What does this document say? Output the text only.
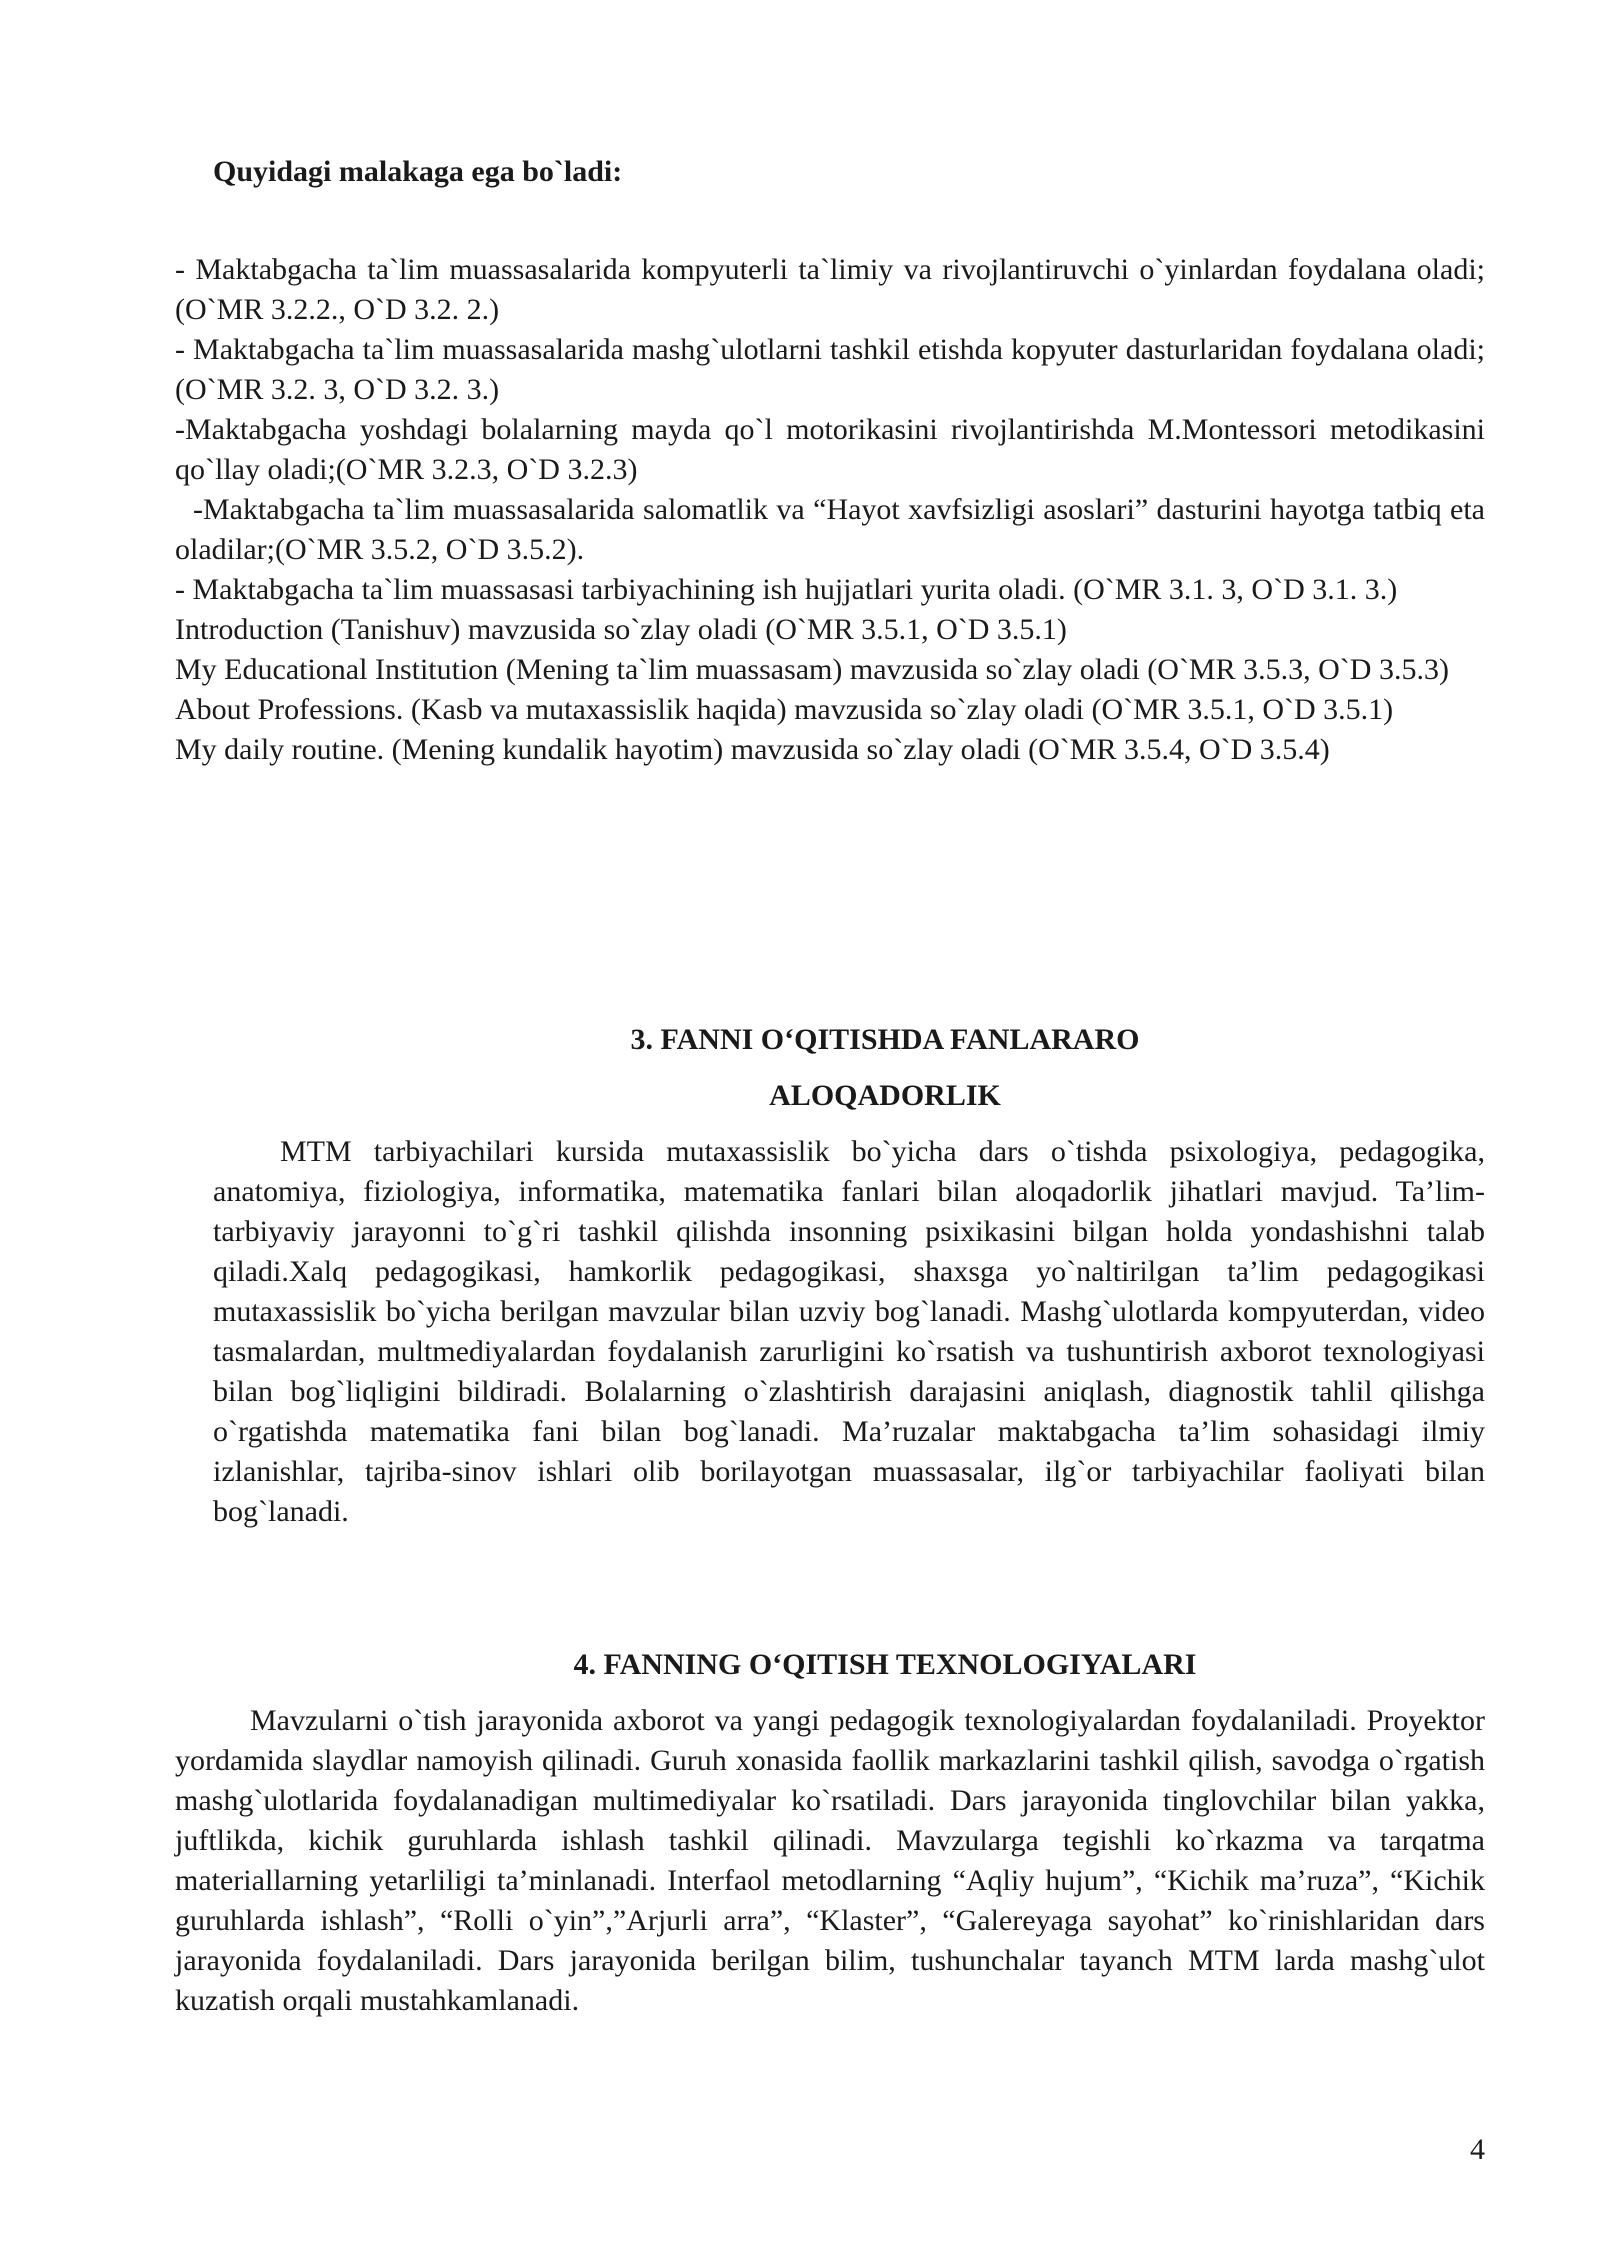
Quyidagi malakaga ega bo`ladi:

- Maktabgacha ta`lim muassasalarida kompyuterli ta`limiy va rivojlantiruvchi o`yinlardan foydalana oladi; (O`MR 3.2.2., O`D 3.2. 2.)

- Maktabgacha ta`lim muassasalarida mashg`ulotlarni tashkil etishda kopyuter dasturlaridan foydalana oladi; (O`MR 3.2. 3, O`D 3.2. 3.)

-Maktabgacha yoshdagi bolalarning mayda qo`l motorikasini rivojlantirishda M.Montessori metodikasini qo`llay oladi;(O`MR 3.2.3, O`D 3.2.3)

-Maktabgacha ta`lim muassasalarida salomatlik va “Hayot xavfsizligi asoslari” dasturini hayotga tatbiq eta oladilar;(O`MR 3.5.2, O`D 3.5.2).

- Maktabgacha ta`lim muassasasi tarbiyachining ish hujjatlari yurita oladi. (O`MR 3.1. 3, O`D 3.1. 3.)

Introduction (Tanishuv) mavzusida so`zlay oladi (O`MR 3.5.1, O`D 3.5.1)

My Educational Institution (Mening ta`lim muassasam) mavzusida so`zlay oladi (O`MR 3.5.3, O`D 3.5.3)

About Professions. (Kasb va mutaxassislik haqida) mavzusida so`zlay oladi (O`MR 3.5.1, O`D 3.5.1)

My daily routine. (Mening kundalik hayotim) mavzusida so`zlay oladi (O`MR 3.5.4, O`D 3.5.4)

3. FANNI O‘QITISHDA FANLARARO
ALOQADORLIK

MTM tarbiyachilari kursida mutaxassislik bo`yicha dars o`tishda psixologiya, pedagogika, anatomiya, fiziologiya, informatika, matematika fanlari bilan aloqadorlik jihatlari mavjud. Ta’lim-tarbiyaviy jarayonni to`g`ri tashkil qilishda insonning psixikasini bilgan holda yondashishni talab qiladi.Xalq pedagogikasi, hamkorlik pedagogikasi, shaxsga yo`naltirilgan ta’lim pedagogikasi mutaxassislik bo`yicha berilgan mavzular bilan uzviy bog`lanadi. Mashg`ulotlarda kompyuterdan, video tasmalardan, multmediyalardan foydalanish zarurligini ko`rsatish va tushuntirish axborot texnologiyasi bilan bog`liqligini bildiradi. Bolalarning o`zlashtirish darajasini aniqlash, diagnostik tahlil qilishga o`rgatishda matematika fani bilan bog`lanadi. Ma’ruzalar maktabgacha ta’lim sohasidagi ilmiy izlanishlar, tajriba-sinov ishlari olib borilayotgan muassasalar, ilg`or tarbiyachilar faoliyati bilan bog`lanadi.

4. FANNING O‘QITISH TEXNOLOGIYALARI

Mavzularni o`tish jarayonida axborot va yangi pedagogik texnologiyalardan foydalaniladi. Proyektor yordamida slaydlar namoyish qilinadi. Guruh xonasida faollik markazlarini tashkil qilish, savodga o`rgatish mashg`ulotlarida foydalanadigan multimediyalar ko`rsatiladi. Dars jarayonida tinglovchilar bilan yakka, juftlikda, kichik guruhlarda ishlash tashkil qilinadi. Mavzularga tegishli ko`rkazma va tarqatma materiallarning yetarliligi ta’minlanadi. Interfaol metodlarning “Aqliy hujum”, “Kichik ma’ruza”, “Kichik guruhlarda ishlash”, “Rolli o`yin”,”Arjurli arra”, “Klaster”, “Galereyaga sayohat” ko`rinishlaridan dars jarayonida foydalaniladi. Dars jarayonida berilgan bilim, tushunchalar tayanch MTM larda mashg`ulot kuzatish orqali mustahkamlanadi.

4
